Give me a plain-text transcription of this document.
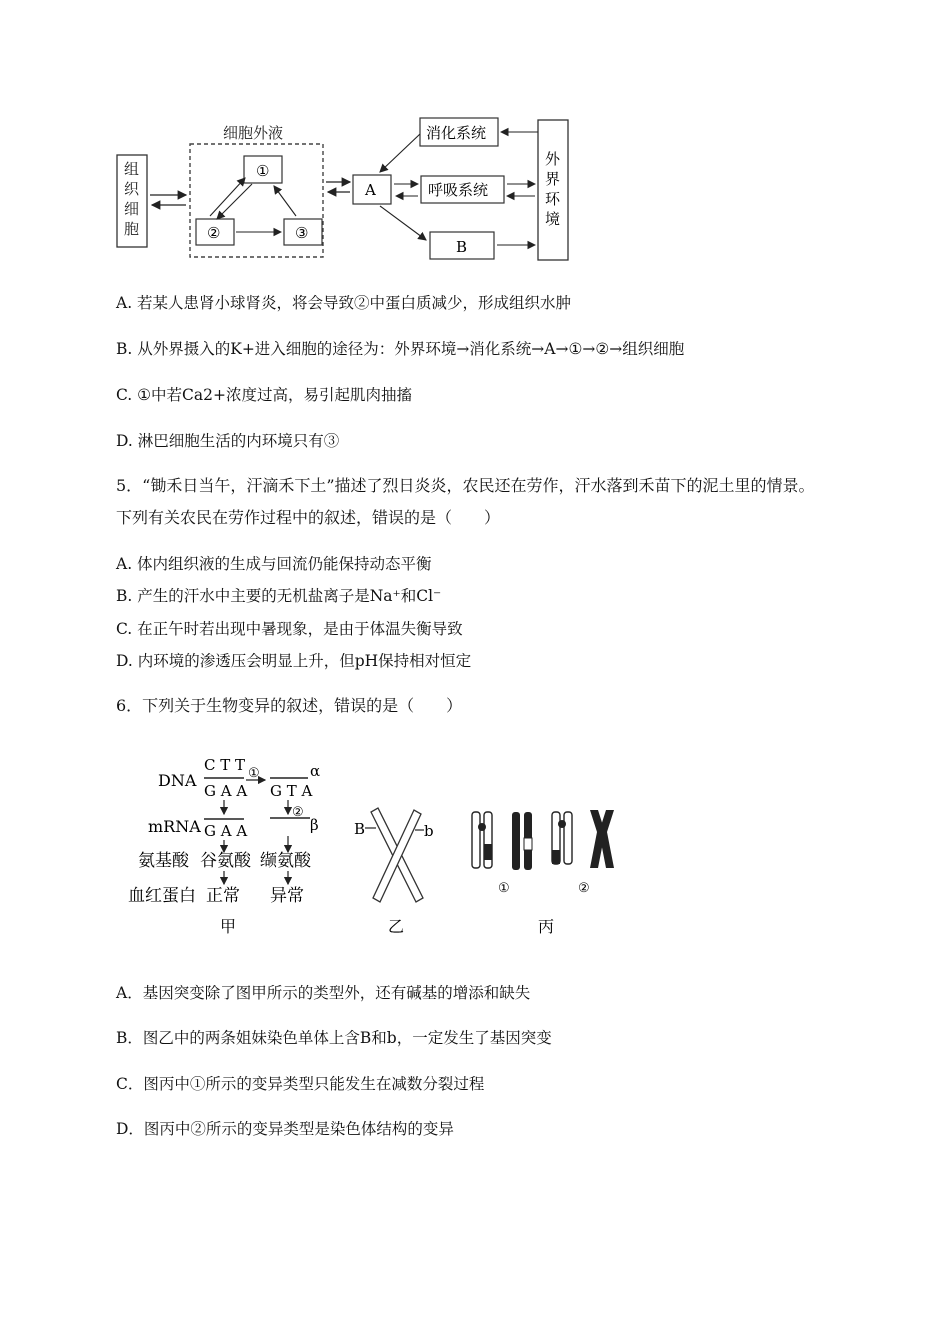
组 织 细 胞
细胞外液
①
②	③
A
消化系统
呼吸系统
B
外 界 环 境
A. 若某人患肾小球肾炎，将会导致②中蛋白质减少，形成组织水肿
B. 从外界摄入的K+进入细胞的途径为：外界环境→消化系统→A→①→②→组织细胞
C. ①中若Ca2+浓度过高，易引起肌肉抽搐
D. 淋巴细胞生活的内环境只有③
5．“锄禾日当午，汗滴禾下土”描述了烈日炎炎，农民还在劳作，汗水落到禾苗下的泥土里的情景。
下列有关农民在劳作过程中的叙述，错误的是（　　）
A. 体内组织液的生成与回流仍能保持动态平衡
B. 产生的汗水中主要的无机盐离子是Na⁺和Cl⁻
C. 在正午时若出现中暑现象，是由于体温失衡导致
D. 内环境的渗透压会明显上升，但pH保持相对恒定
6．下列关于生物变异的叙述，错误的是（　　）
DNA
mRNA
氨基酸
血红蛋白
C T T
G A A
G A A
谷氨酸
正常
①	α
G T A
②
β
缬氨酸
异常
甲
B	b
乙
①	②
丙
A．基因突变除了图甲所示的类型外，还有碱基的增添和缺失
B．图乙中的两条姐妹染色单体上含B和b，一定发生了基因突变
C．图丙中①所示的变异类型只能发生在减数分裂过程
D．图丙中②所示的变异类型是染色体结构的变异
